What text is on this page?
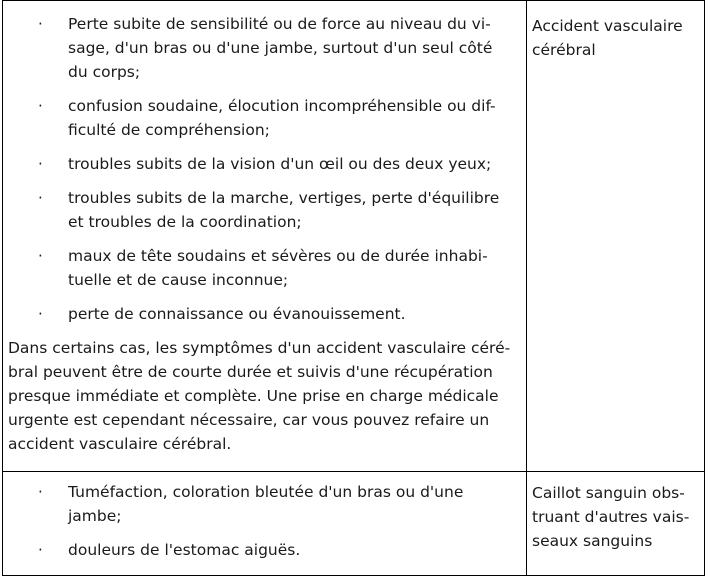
· Perte subite de sensibilité ou de force au niveau du vi-

sage, d'un bras ou d'une jambe, surtout d'un seul côté

du corps;

· confusion soudaine, élocution incompréhensible ou dif-

ficulté de compréhension;

· troubles subits de la vision d'un œil ou des deux yeux;

· troubles subits de la marche, vertiges, perte d'équilibre

et troubles de la coordination;

· maux de tête soudains et sévères ou de durée inhabi-

tuelle et de cause inconnue;

· perte de connaissance ou évanouissement.

Dans certains cas, les symptômes d'un accident vasculaire céré-

bral peuvent être de courte durée et suivis d'une récupération

presque immédiate et complète. Une prise en charge médicale

urgente est cependant nécessaire, car vous pouvez refaire un

accident vasculaire cérébral.

Accident vasculaire

cérébral

· Tuméfaction, coloration bleutée d'un bras ou d'une

jambe;

· douleurs de l'estomac aiguës.

Caillot sanguin obs-

truant d'autres vais-

seaux sanguins
